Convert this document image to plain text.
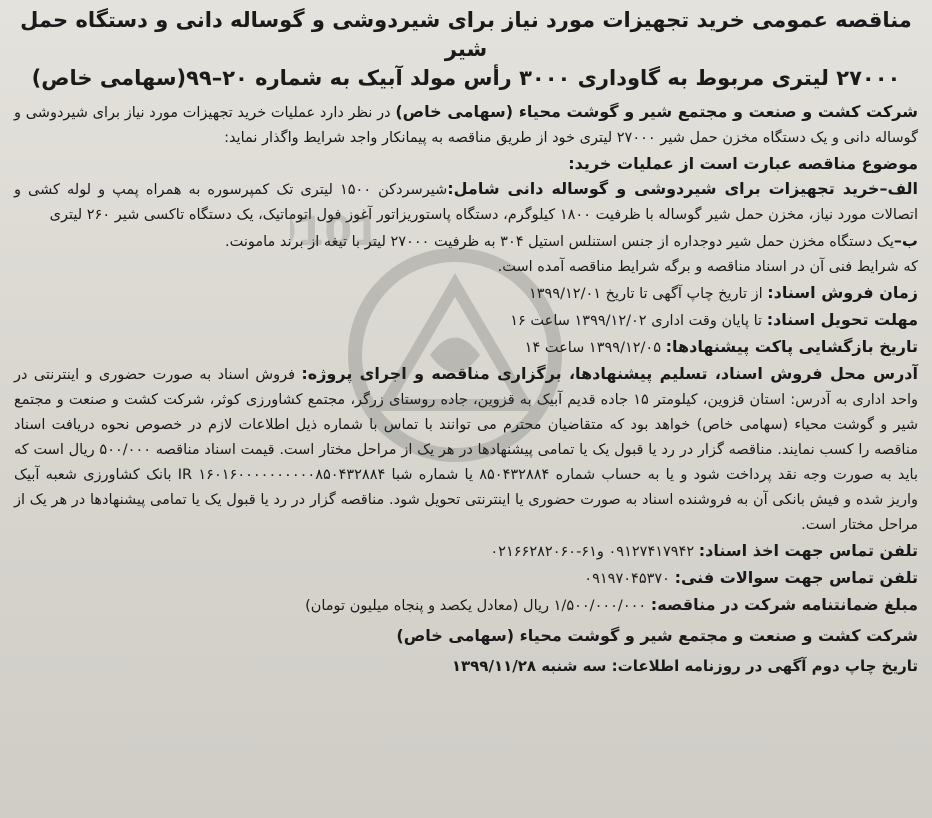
101

مناقصه عمومی خرید تجهیزات مورد نیاز برای شیردوشی و گوساله دانی و دستگاه حمل شیر

۲۷۰۰۰ لیتری مربوط به گاوداری ۳۰۰۰ رأس مولد آبیک به شماره ۲۰–۹۹(سهامی خاص)

شرکت کشت و صنعت و مجتمع شیر و گوشت محیاء (سهامی خاص) در نظر دارد عملیات خرید تجهیزات مورد نیاز برای شیردوشی و گوساله دانی و یک دستگاه مخزن حمل شیر ۲۷۰۰۰ لیتری خود از طریق مناقصه به پیمانکار واجد شرایط واگذار نماید:

موضوع مناقصه عبارت است از عملیات خرید:

الف–خرید تجهیزات برای شیردوشی و گوساله دانی شامل:شیرسردکن ۱۵۰۰ لیتری تک کمپرسوره به همراه پمپ و لوله کشی و اتصالات مورد نیاز، مخزن حمل شیر گوساله با ظرفیت ۱۸۰۰ کیلوگرم، دستگاه پاستوریزاتور آغوز فول اتوماتیک، یک دستگاه تاکسی شیر ۲۶۰ لیتری

ب–یک دستگاه مخزن حمل شیر دوجداره از جنس استنلس استیل ۳۰۴ به ظرفیت ۲۷۰۰۰ لیتر با تیغه از برند مامونت.

که شرایط فنی آن در اسناد مناقصه و برگه شرایط مناقصه آمده است.

زمان فروش اسناد: از تاریخ چاپ آگهی تا تاریخ ۱۳۹۹/۱۲/۰۱

مهلت تحویل اسناد: تا پایان وقت اداری ۱۳۹۹/۱۲/۰۲ ساعت ۱۶

تاریخ بازگشایی پاکت پیشنهادها: ۱۳۹۹/۱۲/۰۵ ساعت ۱۴

آدرس محل فروش اسناد، تسلیم پیشنهادها، برگزاری مناقصه و اجرای پروژه: فروش اسناد به صورت حضوری و اینترنتی در واحد اداری به آدرس: استان قزوین، کیلومتر ۱۵ جاده قدیم آبیک به قزوین، جاده روستای زرگر، مجتمع کشاورزی کوثر، شرکت کشت و صنعت و مجتمع شیر و گوشت محیاء (سهامی خاص) خواهد بود که متقاضیان محترم می توانند با تماس با شماره ذیل اطلاعات لازم در خصوص نحوه دریافت اسناد مناقصه را کسب نمایند. مناقصه گزار در رد یا قبول یک یا تمامی پیشنهادها در هر یک از مراحل مختار است. قیمت اسناد مناقصه ۵۰۰/۰۰۰ ریال است که باید به صورت وجه نقد پرداخت شود و یا به حساب شماره ۸۵۰۴۳۲۸۸۴ یا شماره شبا IR ۱۶۰۱۶۰۰۰۰۰۰۰۰۰۰۸۵۰۴۳۲۸۸۴ بانک کشاورزی شعبه آبیک واریز شده و فیش بانکی آن به فروشنده اسناد به صورت حضوری یا اینترنتی تحویل شود. مناقصه گزار در رد یا قبول یک یا تمامی پیشنهادها در هر یک از مراحل مختار است.

تلفن تماس جهت اخذ اسناد: ۰۹۱۲۷۴۱۷۹۴۲ و۶۱-۰۲۱۶۶۲۸۲۰۶۰

تلفن تماس جهت سوالات فنی: ۰۹۱۹۷۰۴۵۳۷۰

مبلغ ضمانتنامه شرکت در مناقصه: ۱/۵۰۰/۰۰۰/۰۰۰ ریال (معادل یکصد و پنجاه میلیون تومان)

شرکت کشت و صنعت و مجتمع شیر و گوشت محیاء (سهامی خاص)

تاریخ چاپ دوم آگهی در روزنامه اطلاعات: سه شنبه ۱۳۹۹/۱۱/۲۸
